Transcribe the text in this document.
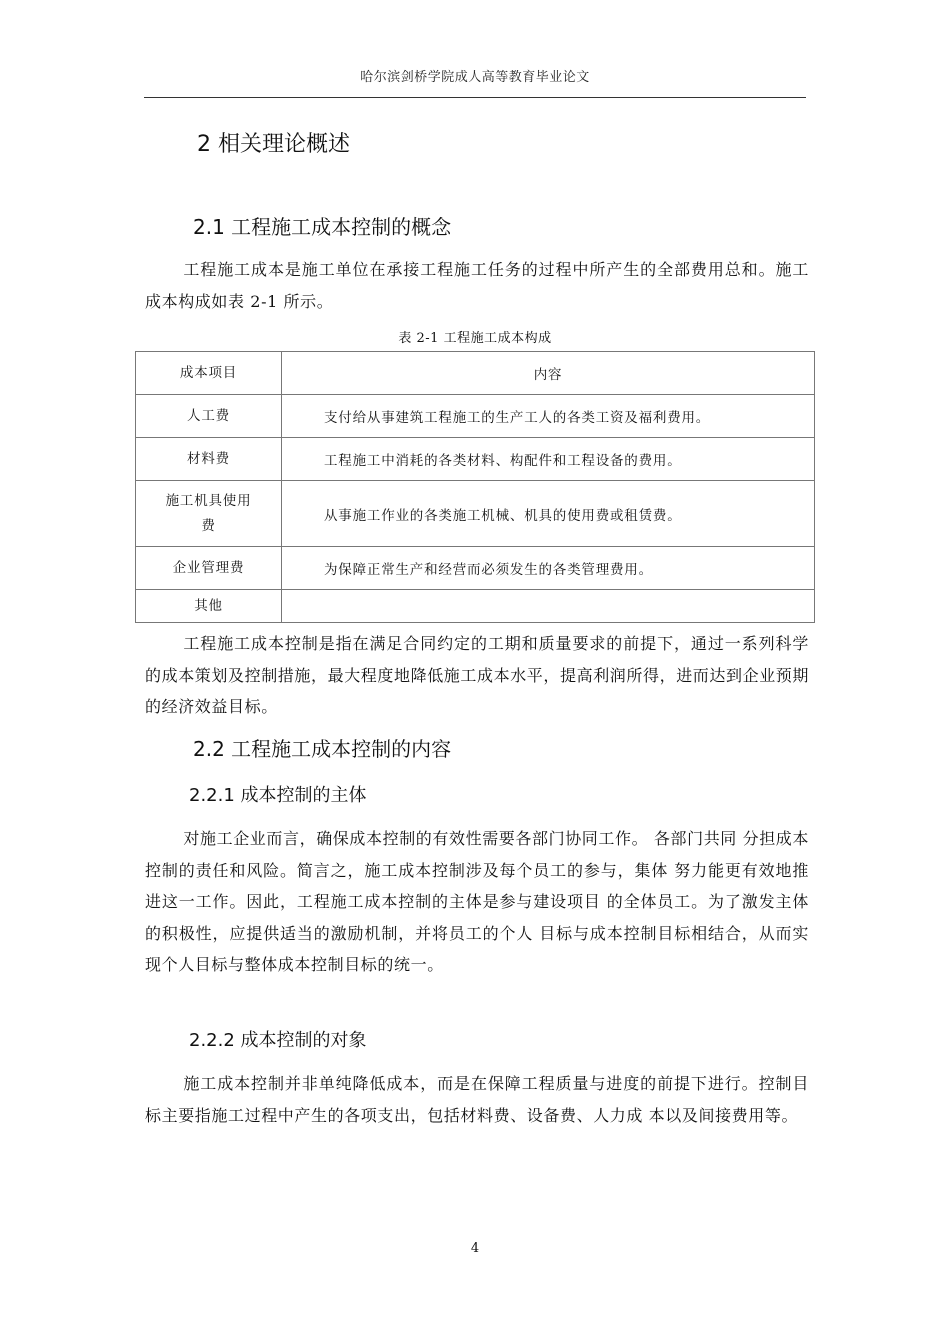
哈尔滨剑桥学院成人高等教育毕业论文
2 相关理论概述
2.1 工程施工成本控制的概念

工程施工成本是施工单位在承接工程施工任务的过程中所产生的全部费用总和。施工成本构成如表 2-1 所示。

表 2-1 工程施工成本构成
成本项目	内容
人工费	支付给从事建筑工程施工的生产工人的各类工资及福利费用。
材料费	工程施工中消耗的各类材料、构配件和工程设备的费用。
施工机具使用费	从事施工作业的各类施工机械、机具的使用费或租赁费。
企业管理费	为保障正常生产和经营而必须发生的各类管理费用。
其他	

工程施工成本控制是指在满足合同约定的工期和质量要求的前提下，通过一系列科学的成本策划及控制措施，最大程度地降低施工成本水平，提高利润所得，进而达到企业预期的经济效益目标。

2.2 工程施工成本控制的内容
2.2.1 成本控制的主体

对施工企业而言，确保成本控制的有效性需要各部门协同工作。 各部门共同 分担成本控制的责任和风险。简言之，施工成本控制涉及每个员工的参与，集体 努力能更有效地推进这一工作。因此，工程施工成本控制的主体是参与建设项目 的全体员工。为了激发主体的积极性，应提供适当的激励机制，并将员工的个人 目标与成本控制目标相结合，从而实现个人目标与整体成本控制目标的统一。

2.2.2 成本控制的对象

施工成本控制并非单纯降低成本，而是在保障工程质量与进度的前提下进行。控制目标主要指施工过程中产生的各项支出，包括材料费、设备费、人力成 本以及间接费用等。

4
